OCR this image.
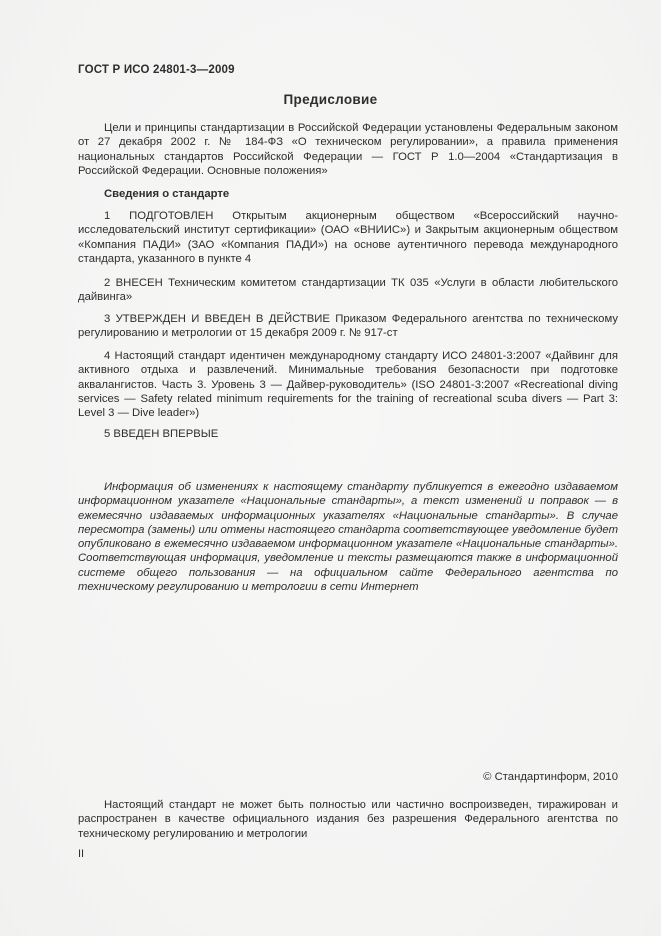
ГОСТ Р ИСО 24801-3—2009
Предисловие

Цели и принципы стандартизации в Российской Федерации установлены Федеральным законом от 27 декабря 2002 г. № 184-ФЗ «О техническом регулировании», а правила применения национальных стандартов Российской Федерации — ГОСТ Р 1.0—2004 «Стандартизация в Российской Федерации. Основные положения»

Сведения о стандарте

1 ПОДГОТОВЛЕН Открытым акционерным обществом «Всероссийский научно-исследовательский институт сертификации» (ОАО «ВНИИС») и Закрытым акционерным обществом «Компания ПАДИ» (ЗАО «Компания ПАДИ») на основе аутентичного перевода международного стандарта, указанного в пункте 4

2 ВНЕСЕН Техническим комитетом стандартизации ТК 035 «Услуги в области любительского дайвинга»

3 УТВЕРЖДЕН И ВВЕДЕН В ДЕЙСТВИЕ Приказом Федерального агентства по техническому регулированию и метрологии от 15 декабря 2009 г. № 917-ст

4 Настоящий стандарт идентичен международному стандарту ИСО 24801-3:2007 «Дайвинг для активного отдыха и развлечений. Минимальные требования безопасности при подготовке аквалангистов. Часть 3. Уровень 3 — Дайвер-руководитель» (ISO 24801-3:2007 «Recreational diving services — Safety related minimum requirements for the training of recreational scuba divers — Part 3: Level 3 — Dive leader»)

5 ВВЕДЕН ВПЕРВЫЕ

Информация об изменениях к настоящему стандарту публикуется в ежегодно издаваемом информационном указателе «Национальные стандарты», а текст изменений и поправок — в ежемесячно издаваемых информационных указателях «Национальные стандарты». В случае пересмотра (замены) или отмены настоящего стандарта соответствующее уведомление будет опубликовано в ежемесячно издаваемом информационном указателе «Национальные стандарты». Соответствующая информация, уведомление и тексты размещаются также в информационной системе общего пользования — на официальном сайте Федерального агентства по техническому регулированию и метрологии в сети Интернет

© Стандартинформ, 2010

Настоящий стандарт не может быть полностью или частично воспроизведен, тиражирован и распространен в качестве официального издания без разрешения Федерального агентства по техническому регулированию и метрологии

II
